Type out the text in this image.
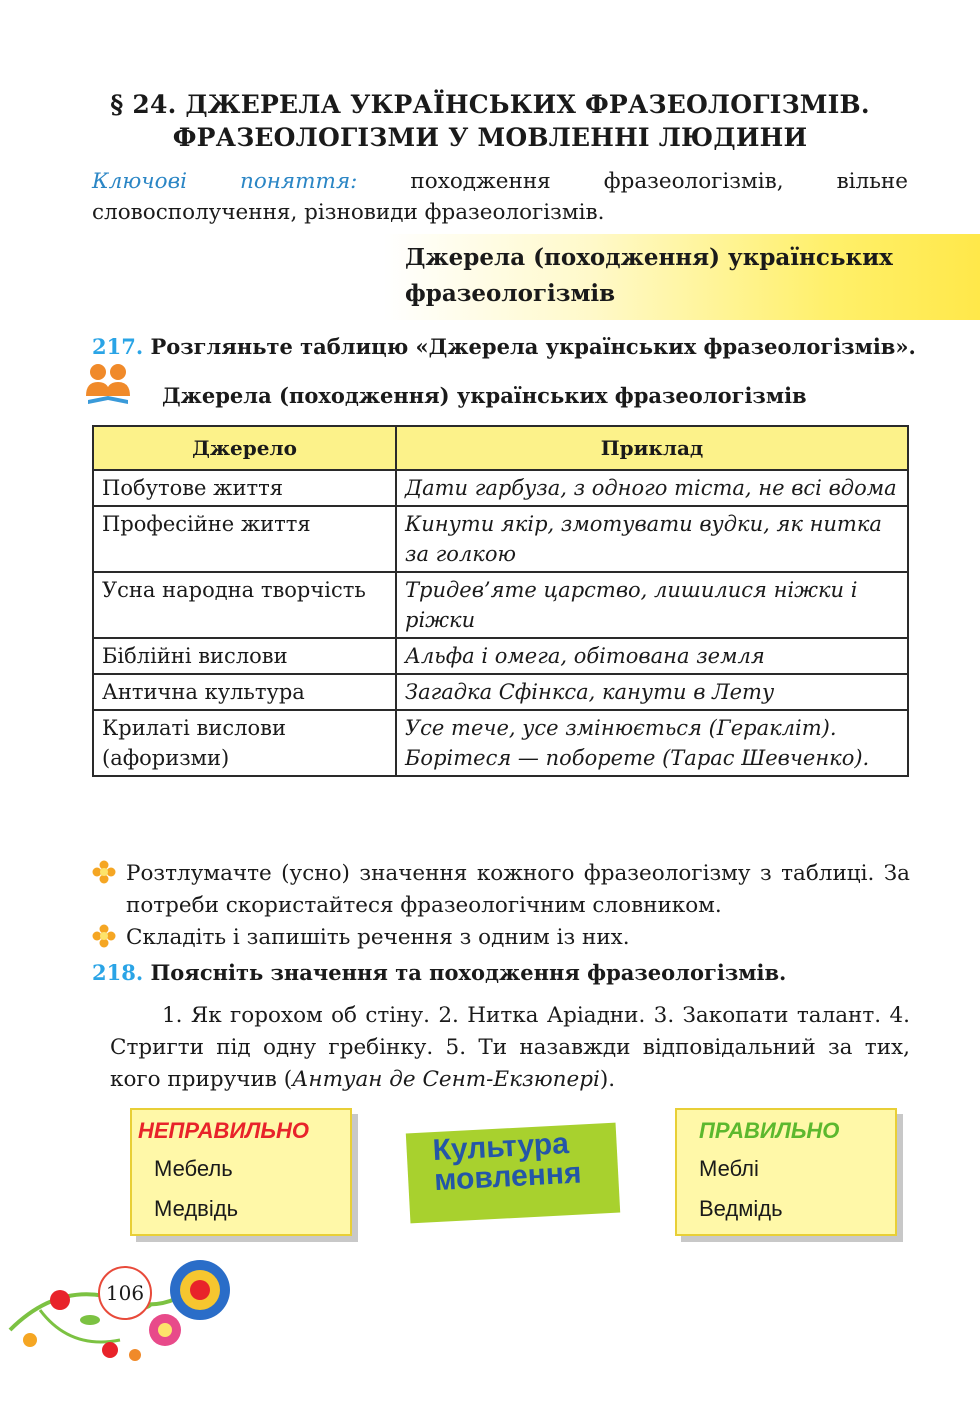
§ 24. ДЖЕРЕЛА УКРАЇНСЬКИХ ФРАЗЕОЛОГІЗМІВ.
ФРАЗЕОЛОГІЗМИ У МОВЛЕННІ ЛЮДИНИ
Ключові поняття: походження фразеологізмів, вільне словосполучення, різновиди фразеологізмів.
Джерела (походження) українських
фразеологізмів
217. Розгляньте таблицю «Джерела українських фразеологізмів».
Джерела (походження) українських фразеологізмів
Джерело	Приклад
Побутове життя	Дати гарбуза, з одного тіста, не всі вдома
Професійне життя	Кинути якір, змотувати вудки, як нитка за голкою
Усна народна творчість	Тридев’яте царство, лишилися ніжки і ріжки
Біблійні вислови	Альфа і омега, обітована земля
Антична культура	Загадка Сфінкса, канути в Лету
Крилаті вислови (афоризми)	Усе тече, усе змінюється (Геракліт). Борітеся — поборете (Тарас Шевченко).
Розтлумачте (усно) значення кожного фразеологізму з таблиці. За потреби скористайтеся фразеологічним словником.
Складіть і запишіть речення з одним із них.
218. Поясніть значення та походження фразеологізмів.
1. Як горохом об стіну. 2. Нитка Аріадни. 3. Закопати талант. 4. Стригти під одну гребінку. 5. Ти назавжди відповідальний за тих, кого приручив (Антуан де Сент-Екзюпері).
НЕПРАВИЛЬНО
Мебель
Медвідь
Культура
мовлення
ПРАВИЛЬНО
Меблі
Ведмідь
106
